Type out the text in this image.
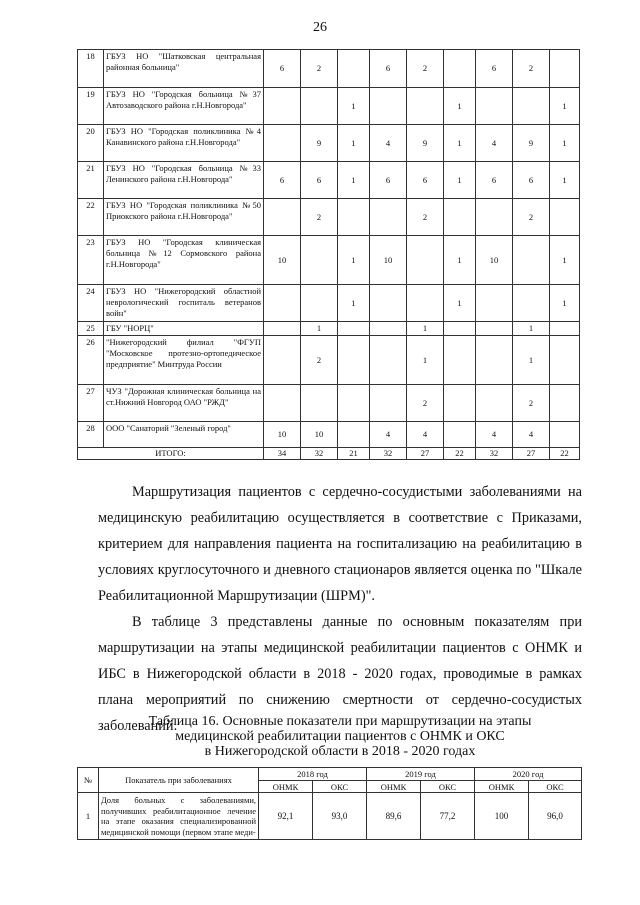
26
18	ГБУЗ НО "Шатковская центральная районная больница"	6	2		6	2		6	2	
19	ГБУЗ НО "Городская больница №37 Автозаводского района г.Н.Новгорода"			1			1			1
20	ГБУЗ НО "Городская поликлиника №4 Канавинского района г.Н.Новгорода"		9	1	4	9	1	4	9	1
21	ГБУЗ НО "Городская больница №33 Ленинского района г.Н.Новгорода"	6	6	1	6	6	1	6	6	1
22	ГБУЗ НО "Городская поликлиника №50 Приокского района г.Н.Новгорода"		2			2			2	
23	ГБУЗ НО "Городская клиническая больница №12 Сормовского района г.Н.Новгорода"	10		1	10		1	10		1
24	ГБУЗ НО "Нижегородский областной неврологический госпиталь ветеранов войн"			1			1			1
25	ГБУ "НОРЦ"		1			1			1	
26	"Нижегородский филиал "ФГУП "Московское протезно-ортопедическое предприятие" Минтруда России		2			1			1	
27	ЧУЗ "Дорожная клиническая больница на ст.Нижний Новгород ОАО "РЖД"					2			2	
28	ООО "Санаторий "Зеленый город"	10	10		4	4		4	4	
ИТОГО:		34	32	21	32	27	22	32	27	22
Маршрутизация пациентов с сердечно-сосудистыми заболеваниями на медицинскую реабилитацию осуществляется в соответствие с Приказами, критерием для направления пациента на госпитализацию на реабилитацию в условиях круглосуточного и дневного стационаров является оценка по "Шкале Реабилитационной Маршрутизации (ШРМ)".
В таблице 3 представлены данные по основным показателям при маршрутизации на этапы медицинской реабилитации пациентов с ОНМК и ИБС в Нижегородской области в 2018 - 2020 годах, проводимые в рамках плана мероприятий по снижению смертности от сердечно-сосудистых заболеваний.
Таблица 16. Основные показатели при маршрутизации на этапы
медицинской реабилитации пациентов с ОНМК и ОКС
в Нижегородской области в 2018 - 2020 годах
№	Показатель при заболеваниях	2018 год		2019 год		2020 год	
		ОНМК	ОКС	ОНМК	ОКС	ОНМК	ОКС
1	Доля больных с заболеваниями, получивших реабилитационное лечение на этапе оказания специализированной медицинской помощи (первом этапе меди-	92,1	93,0	89,6	77,2	100	96,0
